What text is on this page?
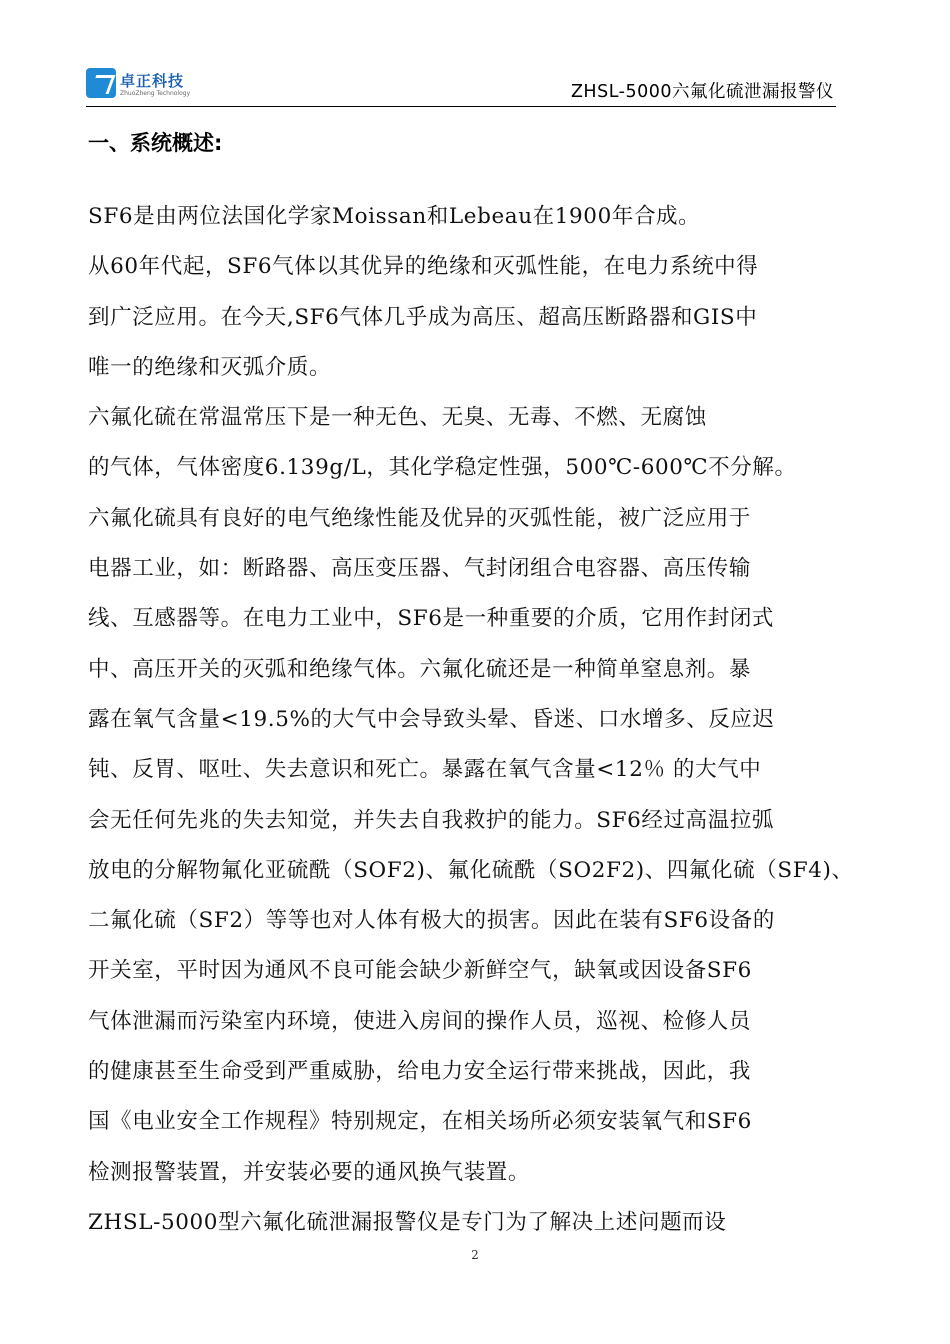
卓正科技
ZhuoZheng Technology	ZHSL-5000六氟化硫泄漏报警仪
一、系统概述:
SF6是由两位法国化学家Moissan和Lebeau在1900年合成。
从60年代起，SF6气体以其优异的绝缘和灭弧性能，在电力系统中得
到广泛应用。在今天,SF6气体几乎成为高压、超高压断路器和GIS中
唯一的绝缘和灭弧介质。
六氟化硫在常温常压下是一种无色、无臭、无毒、不燃、无腐蚀
的气体，气体密度6.139g/L，其化学稳定性强，500℃-600℃不分解。
六氟化硫具有良好的电气绝缘性能及优异的灭弧性能，被广泛应用于
电器工业，如：断路器、高压变压器、气封闭组合电容器、高压传输
线、互感器等。在电力工业中，SF6是一种重要的介质，它用作封闭式
中、高压开关的灭弧和绝缘气体。六氟化硫还是一种简单窒息剂。暴
露在氧气含量<19.5%的大气中会导致头晕、昏迷、口水增多、反应迟
钝、反胃、呕吐、失去意识和死亡。暴露在氧气含量<12％ 的大气中
会无任何先兆的失去知觉，并失去自我救护的能力。SF6经过高温拉弧
放电的分解物氟化亚硫酰（SOF2)、氟化硫酰（SO2F2)、四氟化硫（SF4)、
二氟化硫（SF2）等等也对人体有极大的损害。因此在装有SF6设备的
开关室，平时因为通风不良可能会缺少新鲜空气，缺氧或因设备SF6
气体泄漏而污染室内环境，使进入房间的操作人员，巡视、检修人员
的健康甚至生命受到严重威胁，给电力安全运行带来挑战，因此，我
国《电业安全工作规程》特别规定，在相关场所必须安装氧气和SF6
检测报警装置，并安装必要的通风换气装置。
ZHSL-5000型六氟化硫泄漏报警仪是专门为了解决上述问题而设
2
